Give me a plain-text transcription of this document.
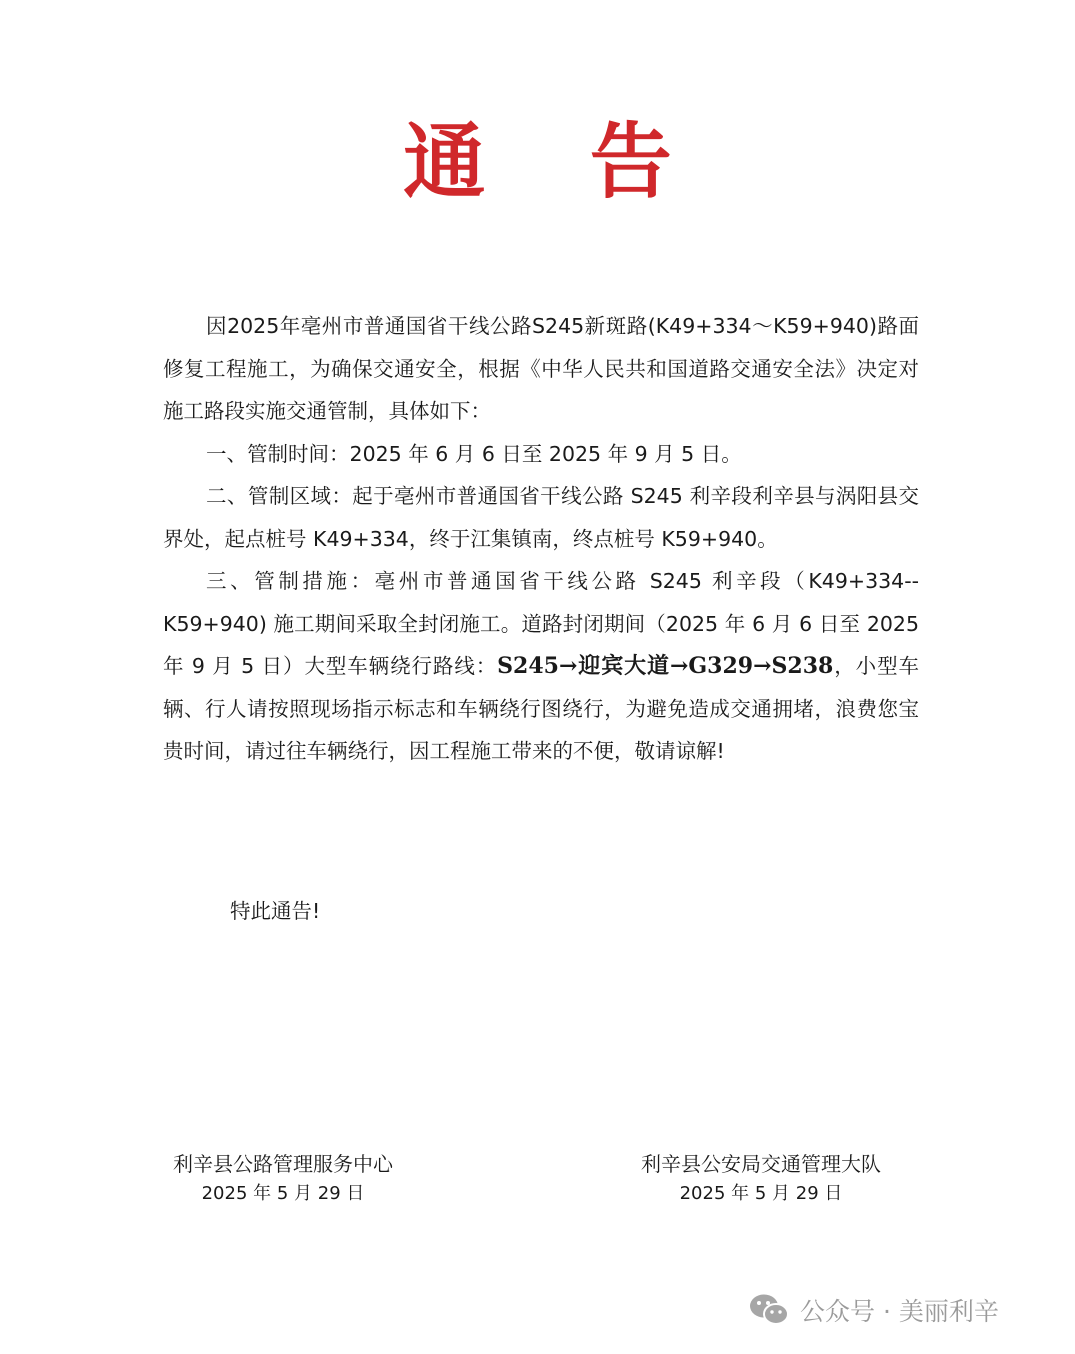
通 告

因2025年亳州市普通国省干线公路S245新斑路(K49+334～K59+940)路面修复工程施工，为确保交通安全，根据《中华人民共和国道路交通安全法》决定对施工路段实施交通管制，具体如下：

一、管制时间：2025 年 6 月 6 日至 2025 年 9 月 5 日。

二、管制区域：起于亳州市普通国省干线公路 S245 利辛段利辛县与涡阳县交界处，起点桩号 K49+334，终于江集镇南，终点桩号 K59+940。

三、管制措施：亳州市普通国省干线公路 S245 利辛段（K49+334--K59+940) 施工期间采取全封闭施工。道路封闭期间（2025 年 6 月 6 日至 2025 年 9 月 5 日）大型车辆绕行路线：S245→迎宾大道→G329→S238，小型车辆、行人请按照现场指示标志和车辆绕行图绕行，为避免造成交通拥堵，浪费您宝贵时间，请过往车辆绕行，因工程施工带来的不便，敬请谅解!

特此通告!
利辛县公路管理服务中心
2025 年 5 月 29 日
利辛县公安局交通管理大队
2025 年 5 月 29 日
公众号 · 美丽利辛
